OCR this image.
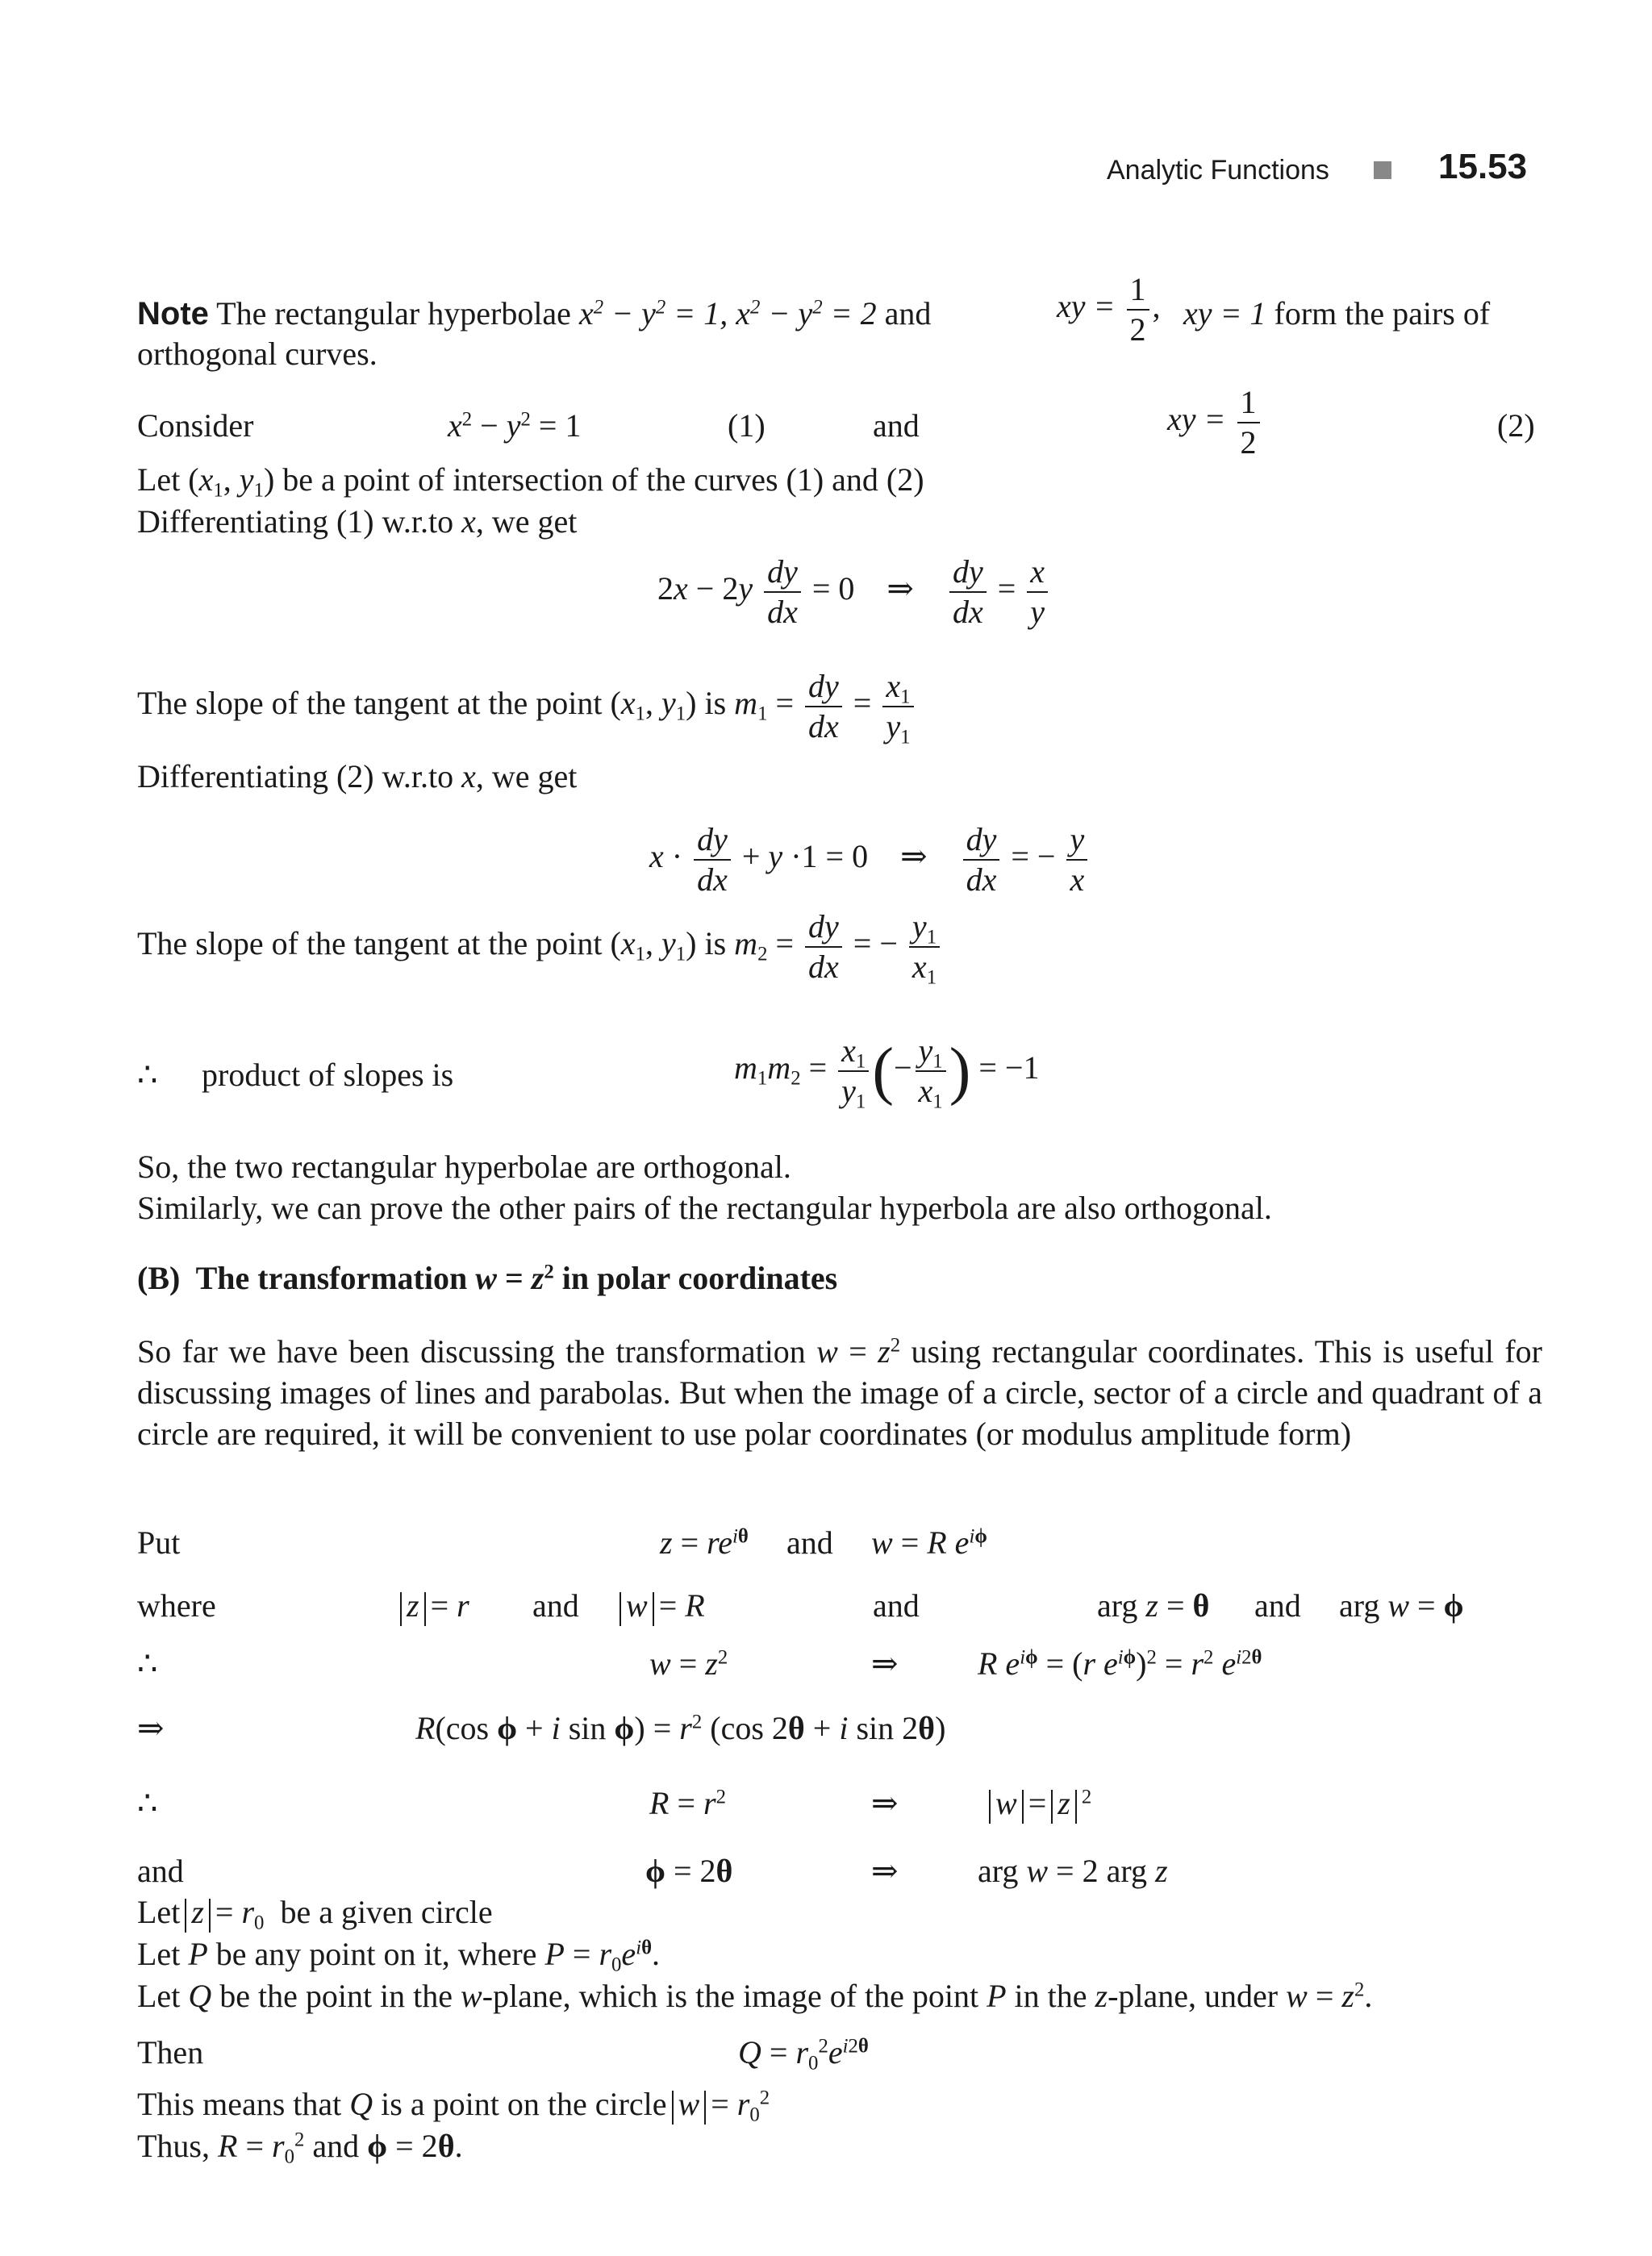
Analytic Functions	15.53
Note The rectangular hyperbolae $x^2 - y^2 = 1$, $x^2 - y^2 = 2$ and	xy = $\frac{1}{2}$ , xy = 1 form the pairs of
orthogonal curves.
Consider	$x^2 - y^2 = 1$	(1)	and	xy = $\frac{1}{2}$	(2)
Let ($x_1$, $y_1$) be a point of intersection of the curves (1) and (2)
Differentiating (1) w.r.to x, we get
$2x - 2y \frac{dy}{dx} = 0$    ⇒ $\frac{dy}{dx} = \frac{x}{y}$
The slope of the tangent at the point ($x_1$, $y_1$) is $m_1 = \frac{dy}{dx} = \frac{x_1}{y_1}$
Differentiating (2) w.r.to x, we get
$x \cdot \frac{dy}{dx} + y \cdot 1 = 0$    ⇒ $\frac{dy}{dx}$ = − $\frac{y}{x}$
The slope of the tangent at the point ($x_1$, $y_1$) is $m_2 = \frac{dy}{dx}$ = − $\frac{y_1}{x_1}$
∴ product of slopes is	$m_1m_2 = \frac{x_1}{y_1}$ (− $\frac{y_1}{x_1}$ ) = −1
So, the two rectangular hyperbolae are orthogonal.
Similarly, we can prove the other pairs of the rectangular hyperbola are also orthogonal.
(B)  The transformation $w = z^2$ in polar coordinates
So far we have been discussing the transformation $w = z^2$ using rectangular coordinates. This is useful for discussing images of lines and parabolas. But when the image of a circle, sector of a circle and quadrant of a circle are required, it will be convenient to use polar coordinates (or modulus amplitude form)
Put	$z = re^{i\theta}$ and w = R $e^{i\phi}$
where	z = r and	w = R	and	arg z = θ and arg w = ϕ
∴	$w = z^2$	⇒ R $e^{i\phi} = (r$ $e^{i\phi})^2 = r^2$ $e^{i2\theta}$
⇒	R(cos ϕ + i $\sin \phi) = r^2$ (cos 2θ + i sin 2θ)
∴	$R = r^2$	⇒	w = z $^2$
and	ϕ = 2θ	⇒ arg w = 2 arg z
Let $z = r_0$  be a given circle
Let P be any point on it, where $P = r_0e^{i\theta}$.
Let Q be the point in the w-plane, which is the image of the point P in the z-plane, under $w = z^2$.
Then	$Q = r_0^2e^{i2\theta}$
This means that Q is a point on the circle $w = r_0^2$
Thus, $R = r_0^2$ and ϕ = 2θ.
